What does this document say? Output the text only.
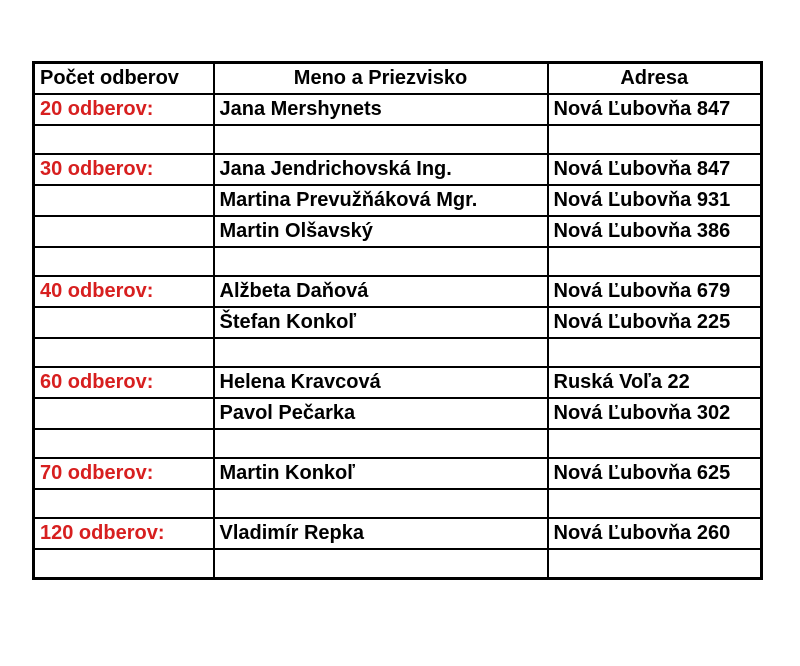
Počet odberov	Meno a Priezvisko	Adresa
20 odberov:	Jana Mershynets	Nová Ľubovňa 847

30 odberov:	Jana Jendrichovská Ing.	Nová Ľubovňa 847
	Martina Prevužňáková Mgr.	Nová Ľubovňa 931
	Martin Olšavský	Nová Ľubovňa 386

40 odberov:	Alžbeta Daňová	Nová Ľubovňa 679
	Štefan Konkoľ	Nová Ľubovňa 225

60 odberov:	Helena Kravcová	Ruská Voľa 22
	Pavol Pečarka	Nová Ľubovňa 302

70 odberov:	Martin Konkoľ	Nová Ľubovňa 625

120 odberov:	Vladimír Repka	Nová Ľubovňa 260
